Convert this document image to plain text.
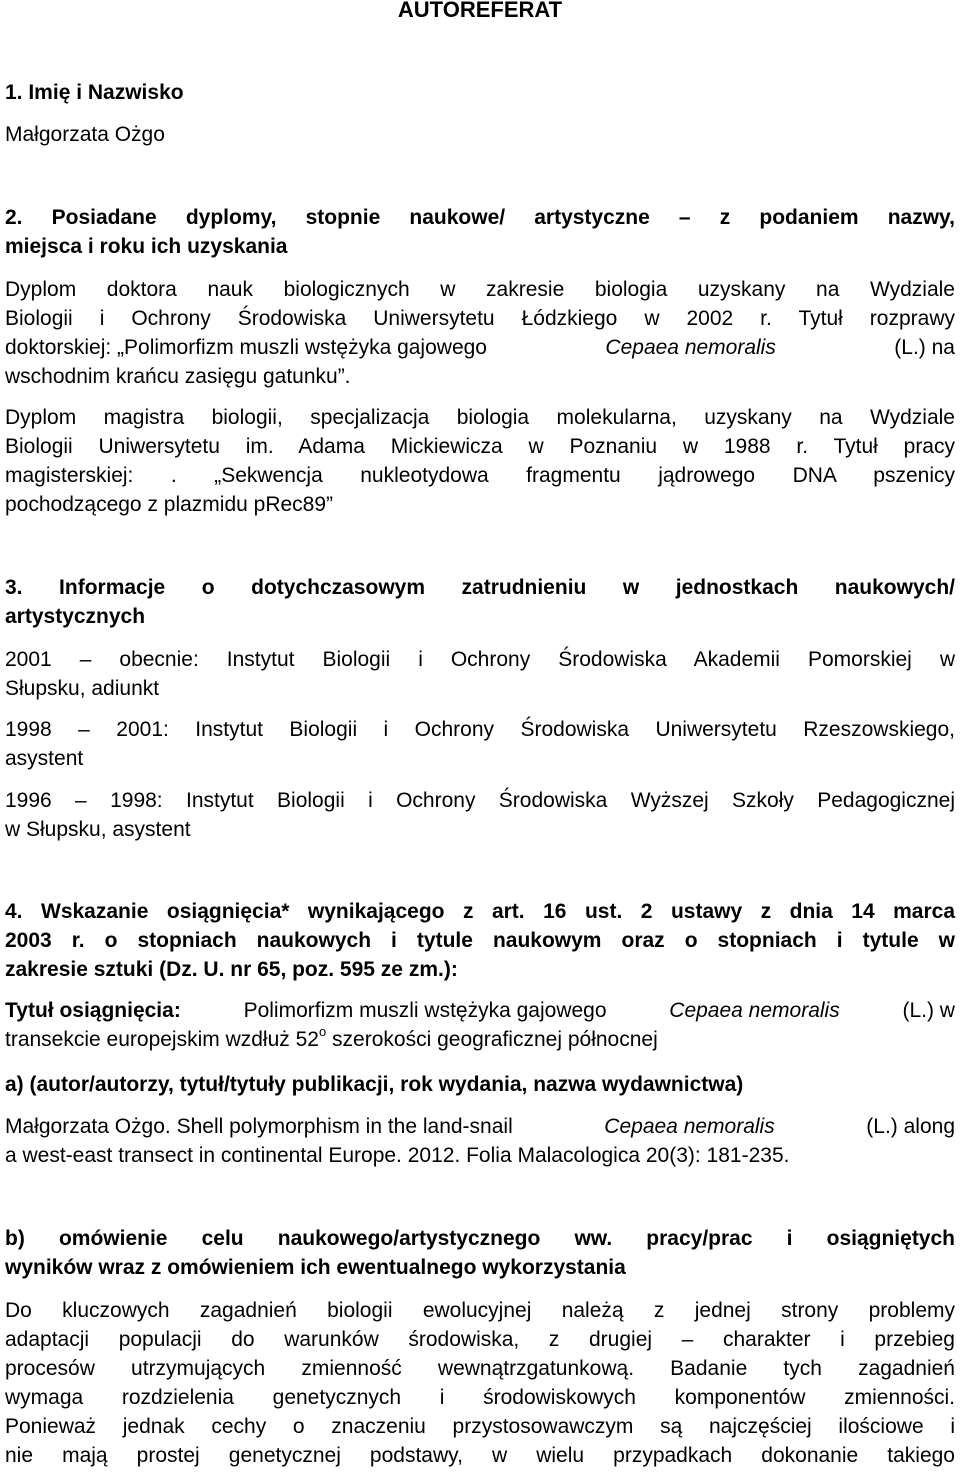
AUTOREFERAT
1. Imię i Nazwisko
Małgorzata Ożgo
2. Posiadane dyplomy, stopnie naukowe/ artystyczne – z podaniem nazwy,
miejsca i roku ich uzyskania
Dyplom doktora nauk biologicznych w zakresie biologia uzyskany na Wydziale
Biologii i Ochrony Środowiska Uniwersytetu Łódzkiego w 2002 r. Tytuł rozprawy
doktorskiej: „Polimorfizm muszli wstężyka gajowego	Cepaea nemoralis	(L.) na
wschodnim krańcu zasięgu gatunku”.
Dyplom magistra biologii, specjalizacja biologia molekularna, uzyskany na Wydziale
Biologii Uniwersytetu im. Adama Mickiewicza w Poznaniu w 1988 r. Tytuł pracy
magisterskiej: . „Sekwencja nukleotydowa fragmentu jądrowego DNA pszenicy
pochodzącego z plazmidu pRec89”
3. Informacje o dotychczasowym zatrudnieniu w jednostkach naukowych/
artystycznych
2001 – obecnie: Instytut Biologii i Ochrony Środowiska Akademii Pomorskiej w
Słupsku, adiunkt
1998 – 2001: Instytut Biologii i Ochrony Środowiska Uniwersytetu Rzeszowskiego,
asystent
1996 – 1998: Instytut Biologii i Ochrony Środowiska Wyższej Szkoły Pedagogicznej
w Słupsku, asystent
4. Wskazanie osiągnięcia* wynikającego z art. 16 ust. 2 ustawy z dnia 14 marca
2003 r. o stopniach naukowych i tytule naukowym oraz o stopniach i tytule w
zakresie sztuki (Dz. U. nr 65, poz. 595 ze zm.):
Tytuł osiągnięcia:	Polimorfizm muszli wstężyka gajowego	Cepaea nemoralis	(L.) w
transekcie europejskim wzdłuż 52$^o$ szerokości geograficznej północnej
a) (autor/autorzy, tytuł/tytuły publikacji, rok wydania, nazwa wydawnictwa)
Małgorzata Ożgo. Shell polymorphism in the land-snail	Cepaea nemoralis	(L.) along
a west-east transect in continental Europe. 2012. Folia Malacologica 20(3): 181-235.
b) omówienie celu naukowego/artystycznego ww. pracy/prac i osiągniętych
wyników wraz z omówieniem ich ewentualnego wykorzystania
Do kluczowych zagadnień biologii ewolucyjnej należą z jednej strony problemy
adaptacji populacji do warunków środowiska, z drugiej – charakter i przebieg
procesów utrzymujących zmienność wewnątrzgatunkową. Badanie tych zagadnień
wymaga rozdzielenia genetycznych i środowiskowych komponentów zmienności.
Ponieważ jednak cechy o znaczeniu przystosowawczym są najczęściej ilościowe i
nie mają prostej genetycznej podstawy, w wielu przypadkach dokonanie takiego
